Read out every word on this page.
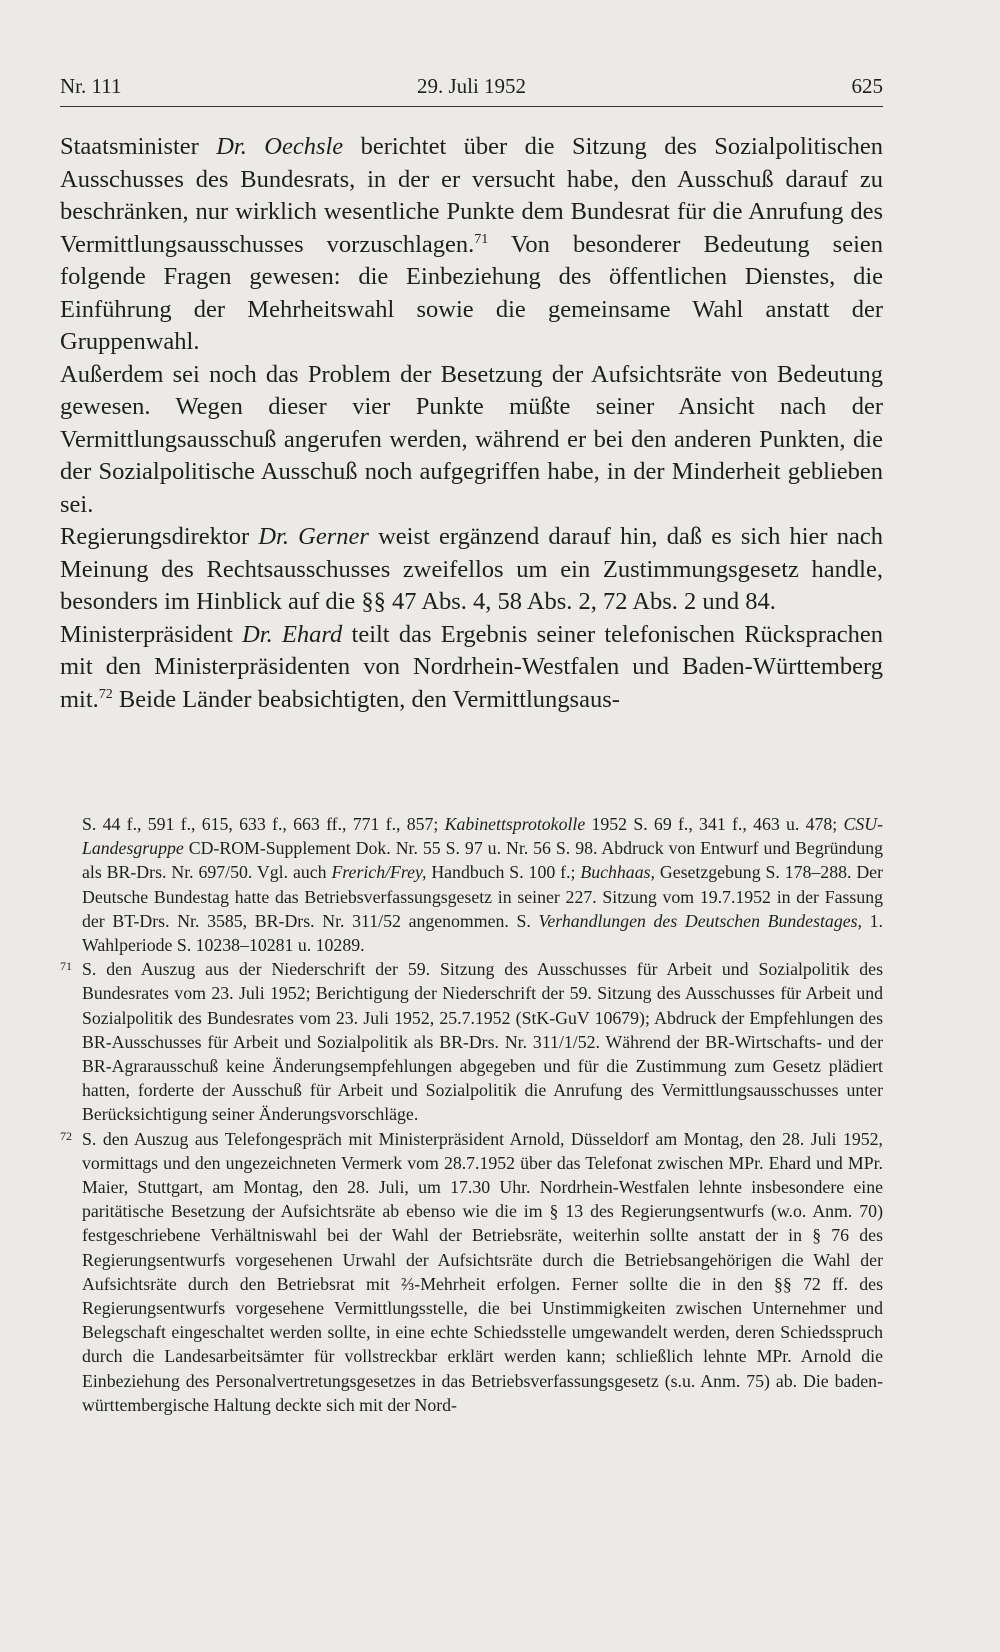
Nr. 111	29. Juli 1952	625

Staatsminister Dr. Oechsle berichtet über die Sitzung des Sozialpolitischen Ausschusses des Bundesrats, in der er versucht habe, den Ausschuß darauf zu beschränken, nur wirklich wesentliche Punkte dem Bundesrat für die Anrufung des Vermittlungsausschusses vorzuschlagen.$^{71}$ Von besonderer Bedeutung seien folgende Fragen gewesen: die Einbeziehung des öffentlichen Dienstes, die Einführung der Mehrheitswahl sowie die gemeinsame Wahl anstatt der Gruppenwahl.

Außerdem sei noch das Problem der Besetzung der Aufsichtsräte von Bedeutung gewesen. Wegen dieser vier Punkte müßte seiner Ansicht nach der Vermittlungsausschuß angerufen werden, während er bei den anderen Punkten, die der Sozialpolitische Ausschuß noch aufgegriffen habe, in der Minderheit geblieben sei.

Regierungsdirektor Dr. Gerner weist ergänzend darauf hin, daß es sich hier nach Meinung des Rechtsausschusses zweifellos um ein Zustimmungsgesetz handle, besonders im Hinblick auf die §§ 47 Abs. 4, 58 Abs. 2, 72 Abs. 2 und 84.

Ministerpräsident Dr. Ehard teilt das Ergebnis seiner telefonischen Rücksprachen mit den Ministerpräsidenten von Nordrhein-Westfalen und Baden-Württemberg mit.$^{72}$ Beide Länder beabsichtigten, den Vermittlungsaus-

S. 44 f., 591 f., 615, 633 f., 663 ff., 771 f., 857; Kabinettsprotokolle 1952 S. 69 f., 341 f., 463 u. 478; CSU-Landesgruppe CD-ROM-Supplement Dok. Nr. 55 S. 97 u. Nr. 56 S. 98. Abdruck von Entwurf und Begründung als BR-Drs. Nr. 697/50. Vgl. auch Frerich/Frey, Handbuch S. 100 f.; Buchhaas, Gesetzgebung S. 178–288. Der Deutsche Bundestag hatte das Betriebsverfassungsgesetz in seiner 227. Sitzung vom 19.7.1952 in der Fassung der BT-Drs. Nr. 3585, BR-Drs. Nr. 311/52 angenommen. S. Verhandlungen des Deutschen Bundestages, 1. Wahlperiode S. 10238–10281 u. 10289.

71 S. den Auszug aus der Niederschrift der 59. Sitzung des Ausschusses für Arbeit und Sozialpolitik des Bundesrates vom 23. Juli 1952; Berichtigung der Niederschrift der 59. Sitzung des Ausschusses für Arbeit und Sozialpolitik des Bundesrates vom 23. Juli 1952, 25.7.1952 (StK-GuV 10679); Abdruck der Empfehlungen des BR-Ausschusses für Arbeit und Sozialpolitik als BR-Drs. Nr. 311/1/52. Während der BR-Wirtschafts- und der BR-Agrarausschuß keine Änderungsempfehlungen abgegeben und für die Zustimmung zum Gesetz plädiert hatten, forderte der Ausschuß für Arbeit und Sozialpolitik die Anrufung des Vermittlungsausschusses unter Berücksichtigung seiner Änderungsvorschläge.

72 S. den Auszug aus Telefongespräch mit Ministerpräsident Arnold, Düsseldorf am Montag, den 28. Juli 1952, vormittags und den ungezeichneten Vermerk vom 28.7.1952 über das Telefonat zwischen MPr. Ehard und MPr. Maier, Stuttgart, am Montag, den 28. Juli, um 17.30 Uhr. Nordrhein-Westfalen lehnte insbesondere eine paritätische Besetzung der Aufsichtsräte ab ebenso wie die im § 13 des Regierungsentwurfs (w.o. Anm. 70) festgeschriebene Verhältniswahl bei der Wahl der Betriebsräte, weiterhin sollte anstatt der in § 76 des Regierungsentwurfs vorgesehenen Urwahl der Aufsichtsräte durch die Betriebsangehörigen die Wahl der Aufsichtsräte durch den Betriebsrat mit ⅔-Mehrheit erfolgen. Ferner sollte die in den §§ 72 ff. des Regierungsentwurfs vorgesehene Vermittlungsstelle, die bei Unstimmigkeiten zwischen Unternehmer und Belegschaft eingeschaltet werden sollte, in eine echte Schiedsstelle umgewandelt werden, deren Schiedsspruch durch die Landesarbeitsämter für vollstreckbar erklärt werden kann; schließlich lehnte MPr. Arnold die Einbeziehung des Personalvertretungsgesetzes in das Betriebsverfassungsgesetz (s.u. Anm. 75) ab. Die baden-württembergische Haltung deckte sich mit der Nord-
